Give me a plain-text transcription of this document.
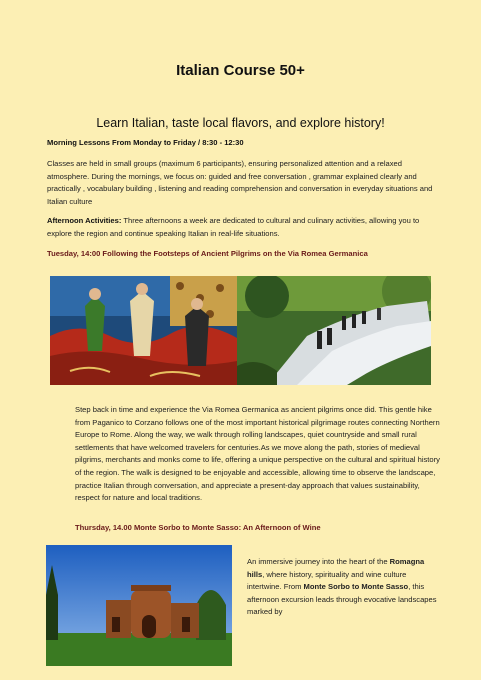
Italian Course 50+
Learn Italian, taste local flavors, and explore history!
Morning Lessons From Monday to Friday / 8:30 - 12:30
Classes are held in small groups (maximum 6 participants), ensuring personalized attention and a relaxed atmosphere. During the mornings, we focus on: guided and free conversation , grammar explained clearly and practically , vocabulary building , listening and reading comprehension and conversation in everyday situations and Italian culture
Afternoon Activities: Three afternoons a week are dedicated to cultural and culinary activities, allowing you to explore the region and continue speaking Italian in real-life situations.
Tuesday, 14:00 Following the Footsteps of Ancient Pilgrims on the Via Romea Germanica
Step back in time and experience the Via Romea Germanica as ancient pilgrims once did. This gentle hike from Paganico to Corzano follows one of the most important historical pilgrimage routes connecting Northern Europe to Rome. Along the way, we walk through rolling landscapes, quiet countryside and small rural settlements that have welcomed travelers for centuries.As we move along the path, stories of medieval pilgrims, merchants and monks come to life, offering a unique perspective on the cultural and spiritual history of the region. The walk is designed to be enjoyable and accessible, allowing time to observe the landscape, practice Italian through conversation, and appreciate a present-day approach that values sustainability, respect for nature and local traditions.
Thursday, 14.00 Monte Sorbo to Monte Sasso: An Afternoon of Wine
An immersive journey into the heart of the Romagna hills, where history, spirituality and wine culture intertwine. From Monte Sorbo to Monte Sasso, this afternoon excursion leads through evocative landscapes marked by
